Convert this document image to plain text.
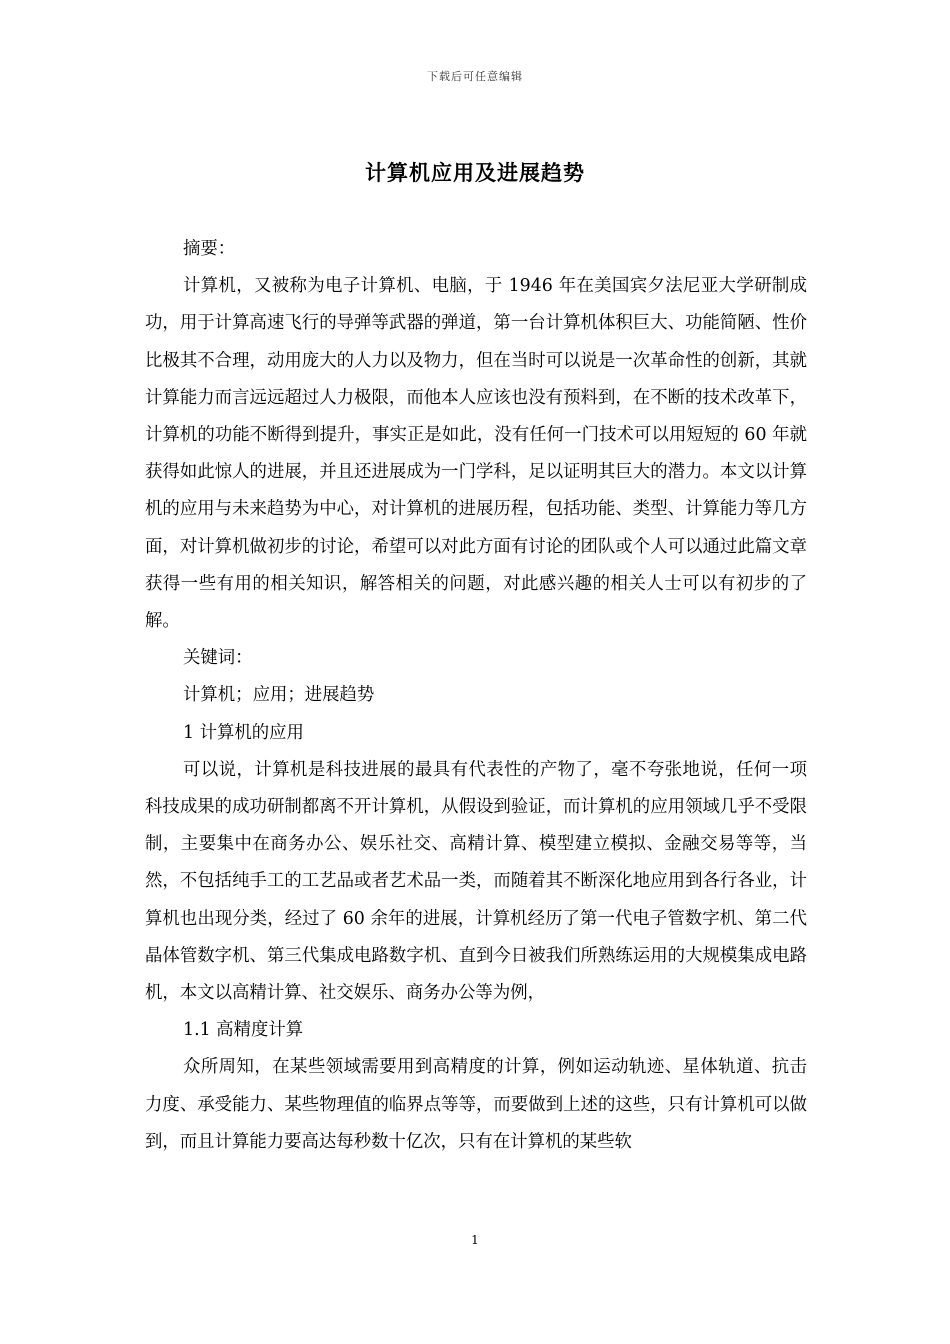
下载后可任意编辑
计算机应用及进展趋势

摘要：

计算机，又被称为电子计算机、电脑，于 1946 年在美国宾夕法尼亚大学研制成功，用于计算高速飞行的导弹等武器的弹道，第一台计算机体积巨大、功能简陋、性价比极其不合理，动用庞大的人力以及物力，但在当时可以说是一次革命性的创新，其就计算能力而言远远超过人力极限，而他本人应该也没有预料到，在不断的技术改革下，计算机的功能不断得到提升，事实正是如此，没有任何一门技术可以用短短的 60 年就获得如此惊人的进展，并且还进展成为一门学科，足以证明其巨大的潜力。本文以计算机的应用与未来趋势为中心，对计算机的进展历程，包括功能、类型、计算能力等几方面，对计算机做初步的讨论，希望可以对此方面有讨论的团队或个人可以通过此篇文章获得一些有用的相关知识，解答相关的问题，对此感兴趣的相关人士可以有初步的了解。

关键词：

计算机；应用；进展趋势

1 计算机的应用

可以说，计算机是科技进展的最具有代表性的产物了，毫不夸张地说，任何一项科技成果的成功研制都离不开计算机，从假设到验证，而计算机的应用领域几乎不受限制，主要集中在商务办公、娱乐社交、高精计算、模型建立模拟、金融交易等等，当然，不包括纯手工的工艺品或者艺术品一类，而随着其不断深化地应用到各行各业，计算机也出现分类，经过了 60 余年的进展，计算机经历了第一代电子管数字机、第二代晶体管数字机、第三代集成电路数字机、直到今日被我们所熟练运用的大规模集成电路机，本文以高精计算、社交娱乐、商务办公等为例，

1.1 高精度计算

众所周知，在某些领域需要用到高精度的计算，例如运动轨迹、星体轨道、抗击力度、承受能力、某些物理值的临界点等等，而要做到上述的这些，只有计算机可以做到，而且计算能力要高达每秒数十亿次，只有在计算机的某些软

1
